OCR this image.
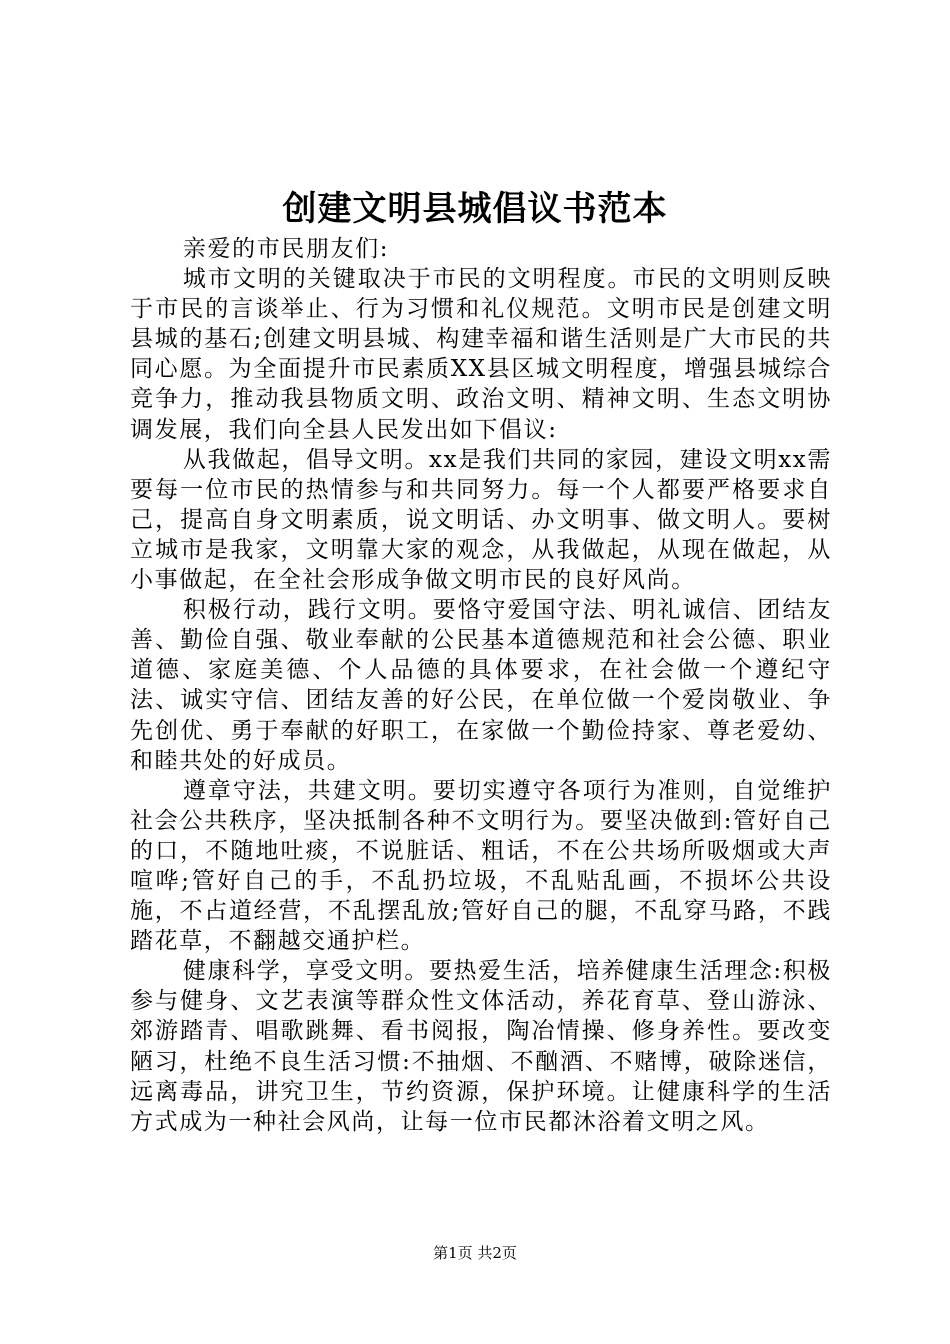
创建文明县城倡议书范本

亲爱的市民朋友们:

城市文明的关键取决于市民的文明程度。市民的文明则反映于市民的言谈举止、行为习惯和礼仪规范。文明市民是创建文明县城的基石;创建文明县城、构建幸福和谐生活则是广大市民的共同心愿。为全面提升市民素质XX县区城文明程度，增强县城综合竞争力，推动我县物质文明、政治文明、精神文明、生态文明协调发展，我们向全县人民发出如下倡议:

从我做起，倡导文明。xx是我们共同的家园，建设文明xx需要每一位市民的热情参与和共同努力。每一个人都要严格要求自己，提高自身文明素质，说文明话、办文明事、做文明人。要树立城市是我家，文明靠大家的观念，从我做起，从现在做起，从小事做起，在全社会形成争做文明市民的良好风尚。

积极行动，践行文明。要恪守爱国守法、明礼诚信、团结友善、勤俭自强、敬业奉献的公民基本道德规范和社会公德、职业道德、家庭美德、个人品德的具体要求，在社会做一个遵纪守法、诚实守信、团结友善的好公民，在单位做一个爱岗敬业、争先创优、勇于奉献的好职工，在家做一个勤俭持家、尊老爱幼、和睦共处的好成员。

遵章守法，共建文明。要切实遵守各项行为准则，自觉维护社会公共秩序，坚决抵制各种不文明行为。要坚决做到:管好自己的口，不随地吐痰，不说脏话、粗话，不在公共场所吸烟或大声喧哗;管好自己的手，不乱扔垃圾，不乱贴乱画，不损坏公共设施，不占道经营，不乱摆乱放;管好自己的腿，不乱穿马路，不践踏花草，不翻越交通护栏。

健康科学，享受文明。要热爱生活，培养健康生活理念:积极参与健身、文艺表演等群众性文体活动，养花育草、登山游泳、郊游踏青、唱歌跳舞、看书阅报，陶冶情操、修身养性。要改变陋习，杜绝不良生活习惯:不抽烟、不酗酒、不赌博，破除迷信，远离毒品，讲究卫生，节约资源，保护环境。让健康科学的生活方式成为一种社会风尚，让每一位市民都沐浴着文明之风。

第1页 共2页
